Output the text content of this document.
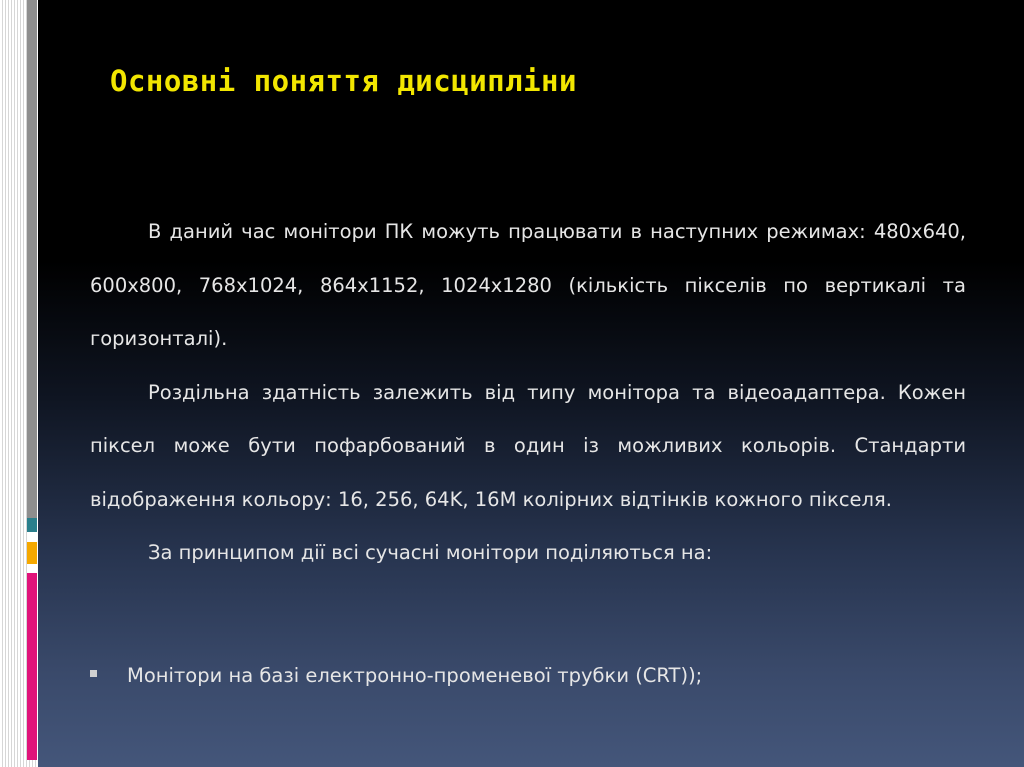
Основні поняття дисципліни

В даний час монітори ПК можуть працювати в наступних режимах: 480x640, 600x800, 768x1024, 864x1152, 1024x1280 (кількість пікселів по вертикалі та горизонталі).

Роздільна здатність залежить від типу монітора та відеоадаптера. Кожен піксел може бути пофарбований в один із можливих кольорів. Стандарти відображення кольору: 16, 256, 64K, 16M колірних відтінків кожного пікселя.

За принципом дії всі сучасні монітори поділяються на:

Монітори на базі електронно-променевої трубки (CRT));
